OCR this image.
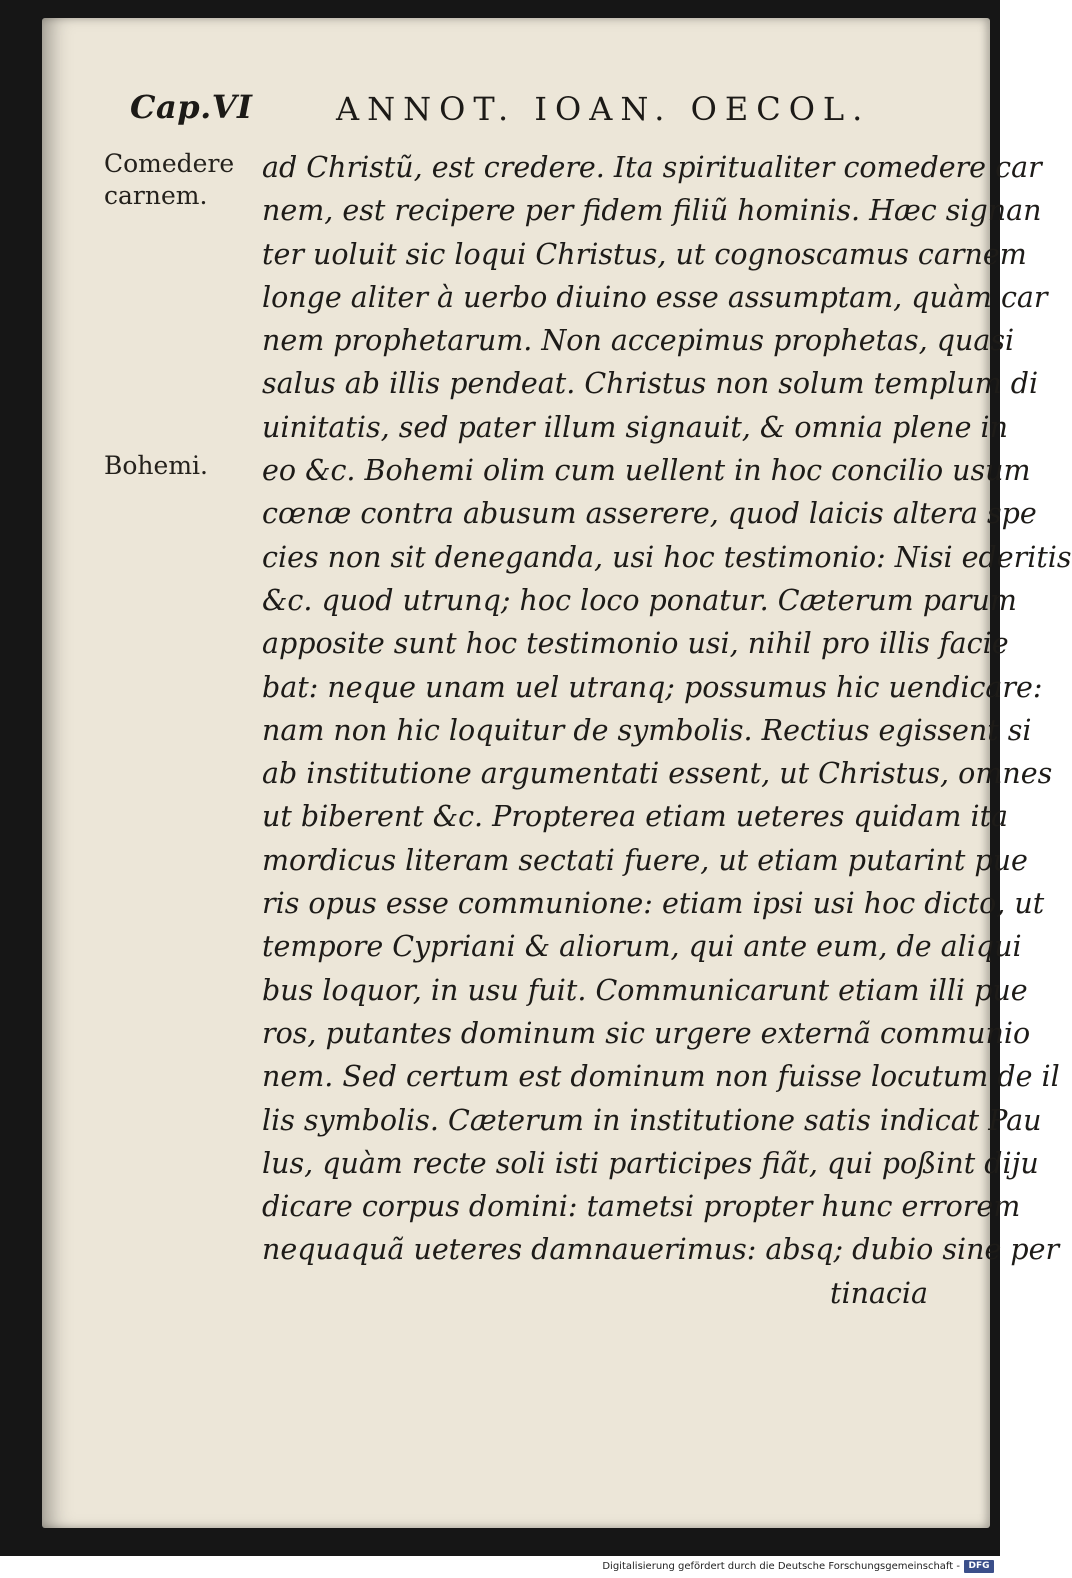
Cap.VI	ANNOT. IOAN. OECOL.
Comedere carnem.
Bohemi.
ad Christũ, est credere. Ita spiritualiter comedere car
nem, est recipere per fidem filiũ hominis. Hæc signan
ter uoluit sic loqui Christus, ut cognoscamus carnem
longe aliter à uerbo diuino esse assumptam, quàm car
nem prophetarum. Non accepimus prophetas, quasi
salus ab illis pendeat. Christus non solum templum di
uinitatis, sed pater illum signauit, & omnia plene in
eo &c. Bohemi olim cum uellent in hoc concilio usum
cœnæ contra abusum asserere, quod laicis altera spe
cies non sit deneganda, usi hoc testimonio: Nisi ederitis
&c. quod utrunq; hoc loco ponatur. Cæterum parum
apposite sunt hoc testimonio usi, nihil pro illis facie
bat: neque unam uel utranq; possumus hic uendicare:
nam non hic loquitur de symbolis. Rectius egissent si
ab institutione argumentati essent, ut Christus, omnes
ut biberent &c. Propterea etiam ueteres quidam ita
mordicus literam sectati fuere, ut etiam putarint pue
ris opus esse communione: etiam ipsi usi hoc dicto, ut
tempore Cypriani & aliorum, qui ante eum, de aliqui
bus loquor, in usu fuit. Communicarunt etiam illi pue
ros, putantes dominum sic urgere externã communio
nem. Sed certum est dominum non fuisse locutum de il
lis symbolis. Cæterum in institutione satis indicat Pau
lus, quàm recte soli isti participes fiãt, qui poßint diju
dicare corpus domini: tametsi propter hunc errorem
nequaquã ueteres damnauerimus: absq; dubio sine per
tinacia
Digitalisierung gefördert durch die Deutsche Forschungsgemeinschaft - DFG
